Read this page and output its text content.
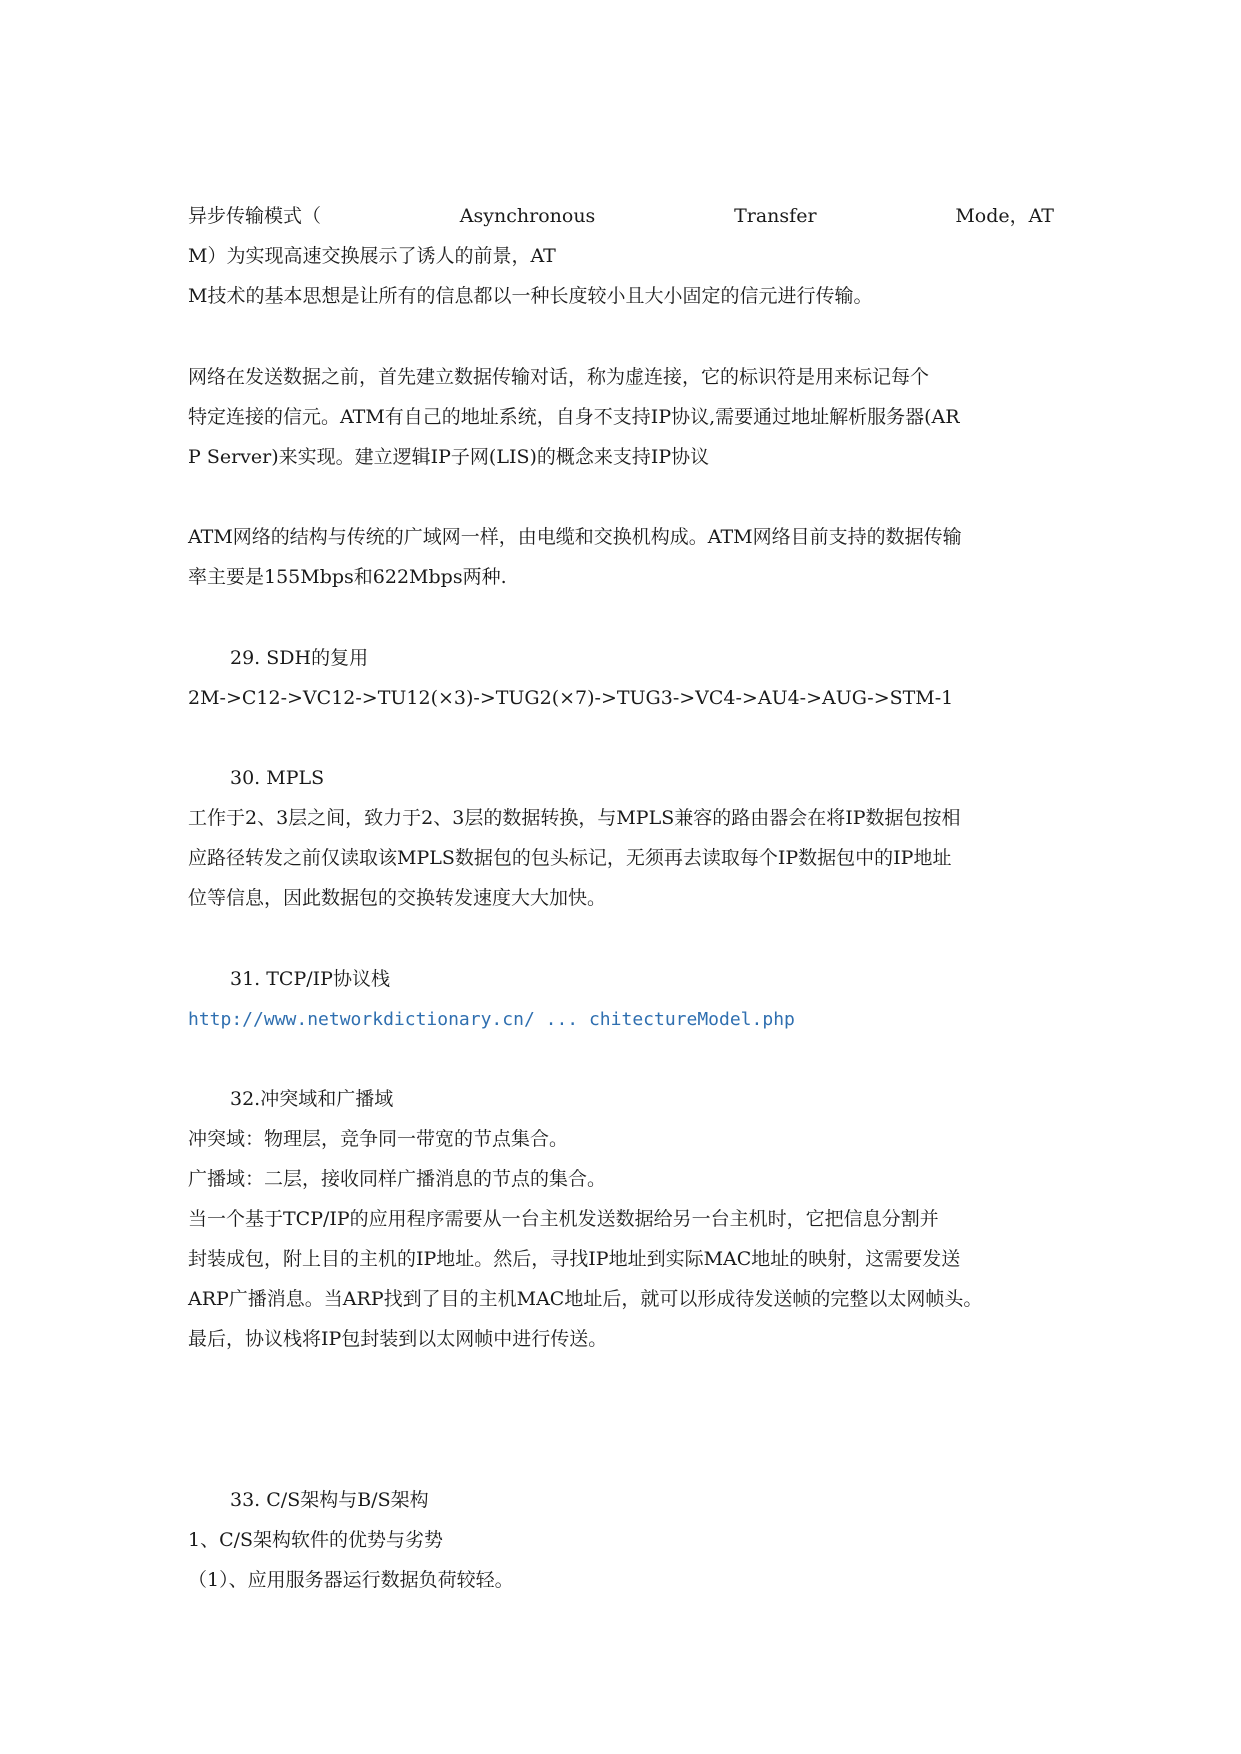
异步传输模式（	Asynchronous	Transfer	Mode，AT
M）为实现高速交换展示了诱人的前景，AT
M技术的基本思想是让所有的信息都以一种长度较小且大小固定的信元进行传输。
网络在发送数据之前，首先建立数据传输对话，称为虚连接，它的标识符是用来标记每个
特定连接的信元。ATM有自己的地址系统，自身不支持IP协议,需要通过地址解析服务器(AR
P Server)来实现。建立逻辑IP子网(LIS)的概念来支持IP协议
ATM网络的结构与传统的广域网一样，由电缆和交换机构成。ATM网络目前支持的数据传输
率主要是155Mbps和622Mbps两种.
29. SDH的复用
2M->C12->VC12->TU12(×3)->TUG2(×7)->TUG3->VC4->AU4->AUG->STM-1
30. MPLS
工作于2、3层之间，致力于2、3层的数据转换，与MPLS兼容的路由器会在将IP数据包按相
应路径转发之前仅读取该MPLS数据包的包头标记，无须再去读取每个IP数据包中的IP地址
位等信息，因此数据包的交换转发速度大大加快。
31. TCP/IP协议栈
http://www.networkdictionary.cn/ ... chitectureModel.php
32.冲突域和广播域
冲突域：物理层，竞争同一带宽的节点集合。
广播域：二层，接收同样广播消息的节点的集合。
当一个基于TCP/IP的应用程序需要从一台主机发送数据给另一台主机时，它把信息分割并
封装成包，附上目的主机的IP地址。然后，寻找IP地址到实际MAC地址的映射，这需要发送
ARP广播消息。当ARP找到了目的主机MAC地址后，就可以形成待发送帧的完整以太网帧头。
最后，协议栈将IP包封装到以太网帧中进行传送。
33. C/S架构与B/S架构
1、C/S架构软件的优势与劣势
（1）、应用服务器运行数据负荷较轻。
